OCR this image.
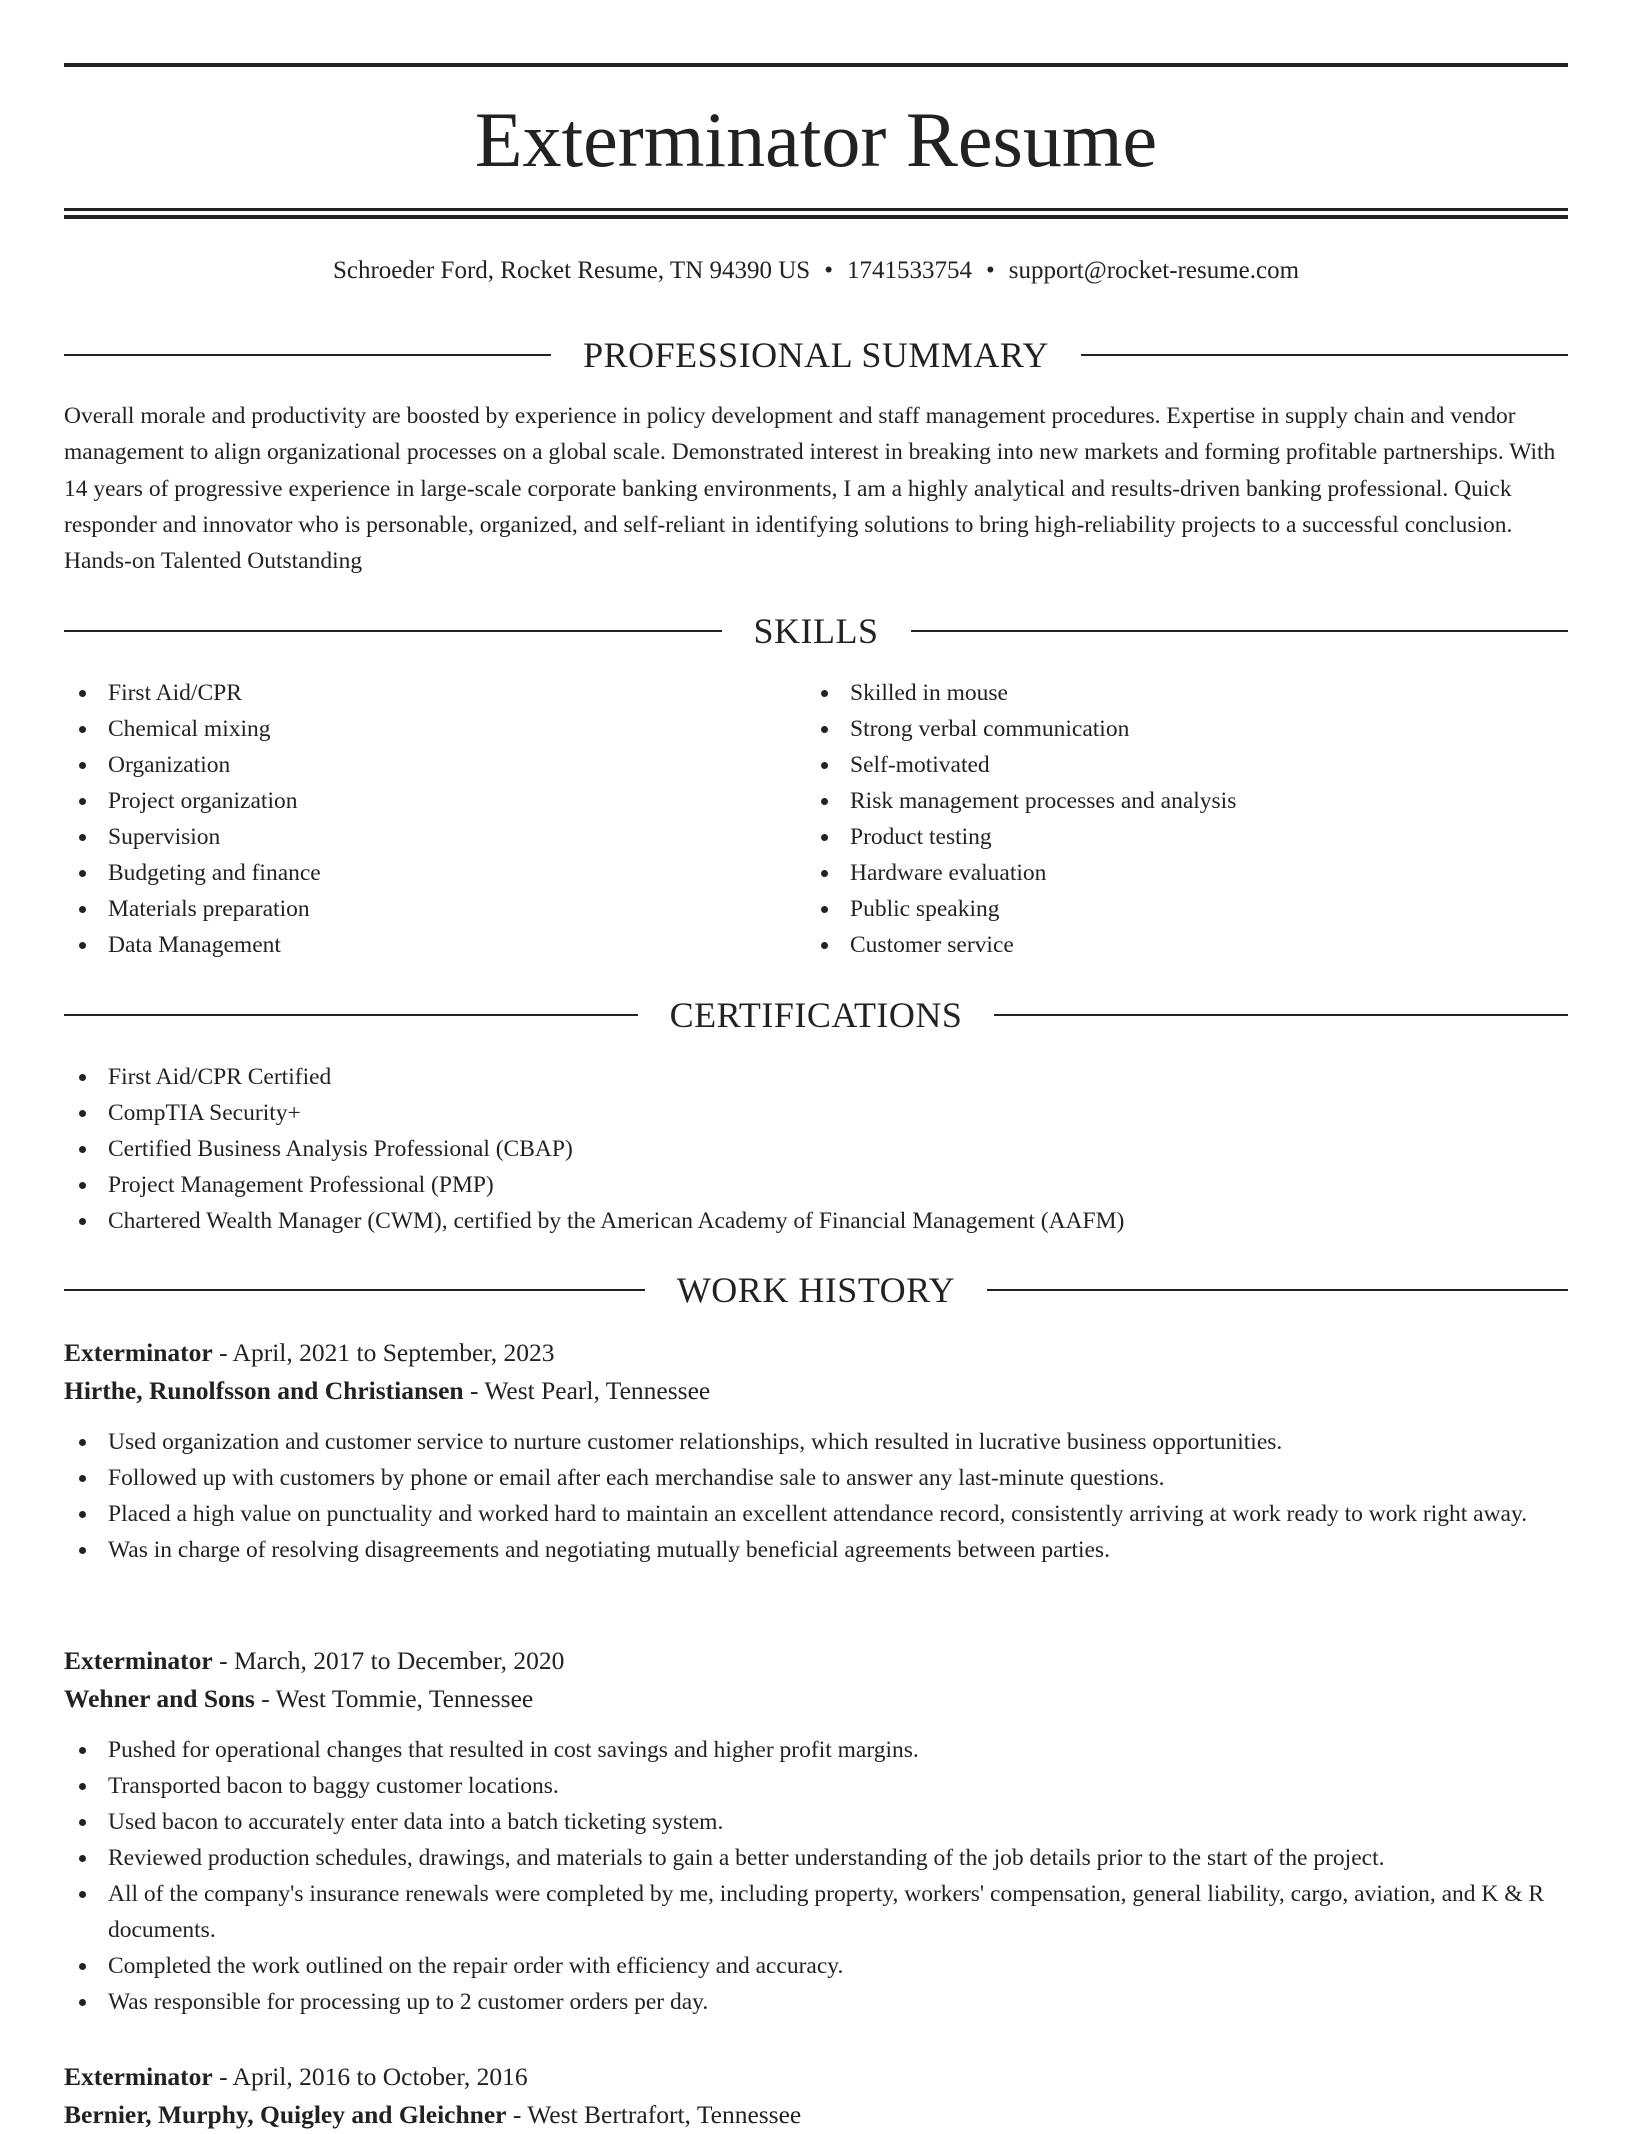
Exterminator Resume
Schroeder Ford, Rocket Resume, TN 94390 US • 1741533754 • support@rocket-resume.com
PROFESSIONAL SUMMARY

Overall morale and productivity are boosted by experience in policy development and staff management procedures. Expertise in supply chain and vendor management to align organizational processes on a global scale. Demonstrated interest in breaking into new markets and forming profitable partnerships. With 14 years of progressive experience in large-scale corporate banking environments, I am a highly analytical and results-driven banking professional. Quick responder and innovator who is personable, organized, and self-reliant in identifying solutions to bring high-reliability projects to a successful conclusion. Hands-on Talented Outstanding

SKILLS
First Aid/CPR
Chemical mixing
Organization
Project organization
Supervision
Budgeting and finance
Materials preparation
Data Management
Skilled in mouse
Strong verbal communication
Self-motivated
Risk management processes and analysis
Product testing
Hardware evaluation
Public speaking
Customer service
CERTIFICATIONS
First Aid/CPR Certified
CompTIA Security+
Certified Business Analysis Professional (CBAP)
Project Management Professional (PMP)
Chartered Wealth Manager (CWM), certified by the American Academy of Financial Management (AAFM)
WORK HISTORY
Exterminator - April, 2021 to September, 2023
Hirthe, Runolfsson and Christiansen - West Pearl, Tennessee
Used organization and customer service to nurture customer relationships, which resulted in lucrative business opportunities.
Followed up with customers by phone or email after each merchandise sale to answer any last-minute questions.
Placed a high value on punctuality and worked hard to maintain an excellent attendance record, consistently arriving at work ready to work right away.
Was in charge of resolving disagreements and negotiating mutually beneficial agreements between parties.
Exterminator - March, 2017 to December, 2020
Wehner and Sons - West Tommie, Tennessee
Pushed for operational changes that resulted in cost savings and higher profit margins.
Transported bacon to baggy customer locations.
Used bacon to accurately enter data into a batch ticketing system.
Reviewed production schedules, drawings, and materials to gain a better understanding of the job details prior to the start of the project.
All of the company's insurance renewals were completed by me, including property, workers' compensation, general liability, cargo, aviation, and K & R documents.
Completed the work outlined on the repair order with efficiency and accuracy.
Was responsible for processing up to 2 customer orders per day.
Exterminator - April, 2016 to October, 2016
Bernier, Murphy, Quigley and Gleichner - West Bertrafort, Tennessee
